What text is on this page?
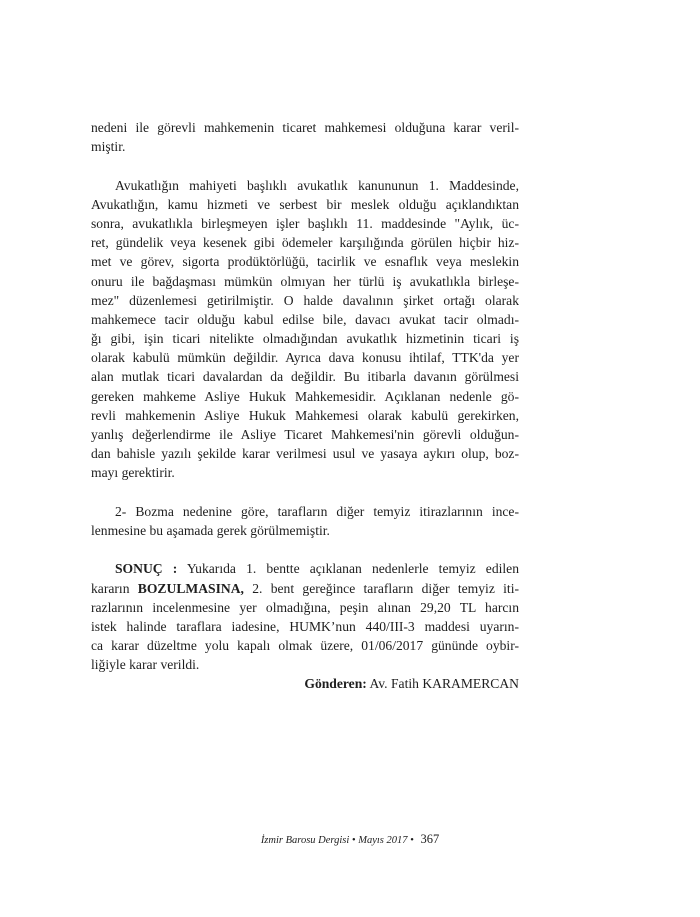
nedeni ile görevli mahkemenin ticaret mahkemesi olduğuna karar veril-
miştir.

Avukatlığın mahiyeti başlıklı avukatlık kanununun 1. Maddesinde,
Avukatlığın, kamu hizmeti ve serbest bir meslek olduğu açıklandıktan
sonra, avukatlıkla birleşmeyen işler başlıklı 11. maddesinde "Aylık, üc-
ret, gündelik veya kesenek gibi ödemeler karşılığında görülen hiçbir hiz-
met ve görev, sigorta prodüktörlüğü, tacirlik ve esnaflık veya meslekin
onuru ile bağdaşması mümkün olmıyan her türlü iş avukatlıkla birleşe-
mez" düzenlemesi getirilmiştir. O halde davalının şirket ortağı olarak
mahkemece tacir olduğu kabul edilse bile, davacı avukat tacir olmadı-
ğı gibi, işin ticari nitelikte olmadığından avukatlık hizmetinin ticari iş
olarak kabulü mümkün değildir. Ayrıca dava konusu ihtilaf, TTK'da yer
alan mutlak ticari davalardan da değildir. Bu itibarla davanın görülmesi
gereken mahkeme Asliye Hukuk Mahkemesidir. Açıklanan nedenle gö-
revli mahkemenin Asliye Hukuk Mahkemesi olarak kabulü gerekirken,
yanlış değerlendirme ile Asliye Ticaret Mahkemesi'nin görevli olduğun-
dan bahisle yazılı şekilde karar verilmesi usul ve yasaya aykırı olup, boz-
mayı gerektirir.

2- Bozma nedenine göre, tarafların diğer temyiz itirazlarının ince-
lenmesine bu aşamada gerek görülmemiştir.

SONUÇ : Yukarıda 1. bentte açıklanan nedenlerle temyiz edilen
kararın BOZULMASINA, 2. bent gereğince tarafların diğer temyiz iti-
razlarının incelenmesine yer olmadığına, peşin alınan 29,20 TL harcın
istek halinde taraflara iadesine, HUMK’nun 440/III-3 maddesi uyarın-
ca karar düzeltme yolu kapalı olmak üzere, 01/06/2017 gününde oybir-
liğiyle karar verildi.
Gönderen: Av. Fatih KARAMERCAN

İzmir Barosu Dergisi • Mayıs 2017 • 367
